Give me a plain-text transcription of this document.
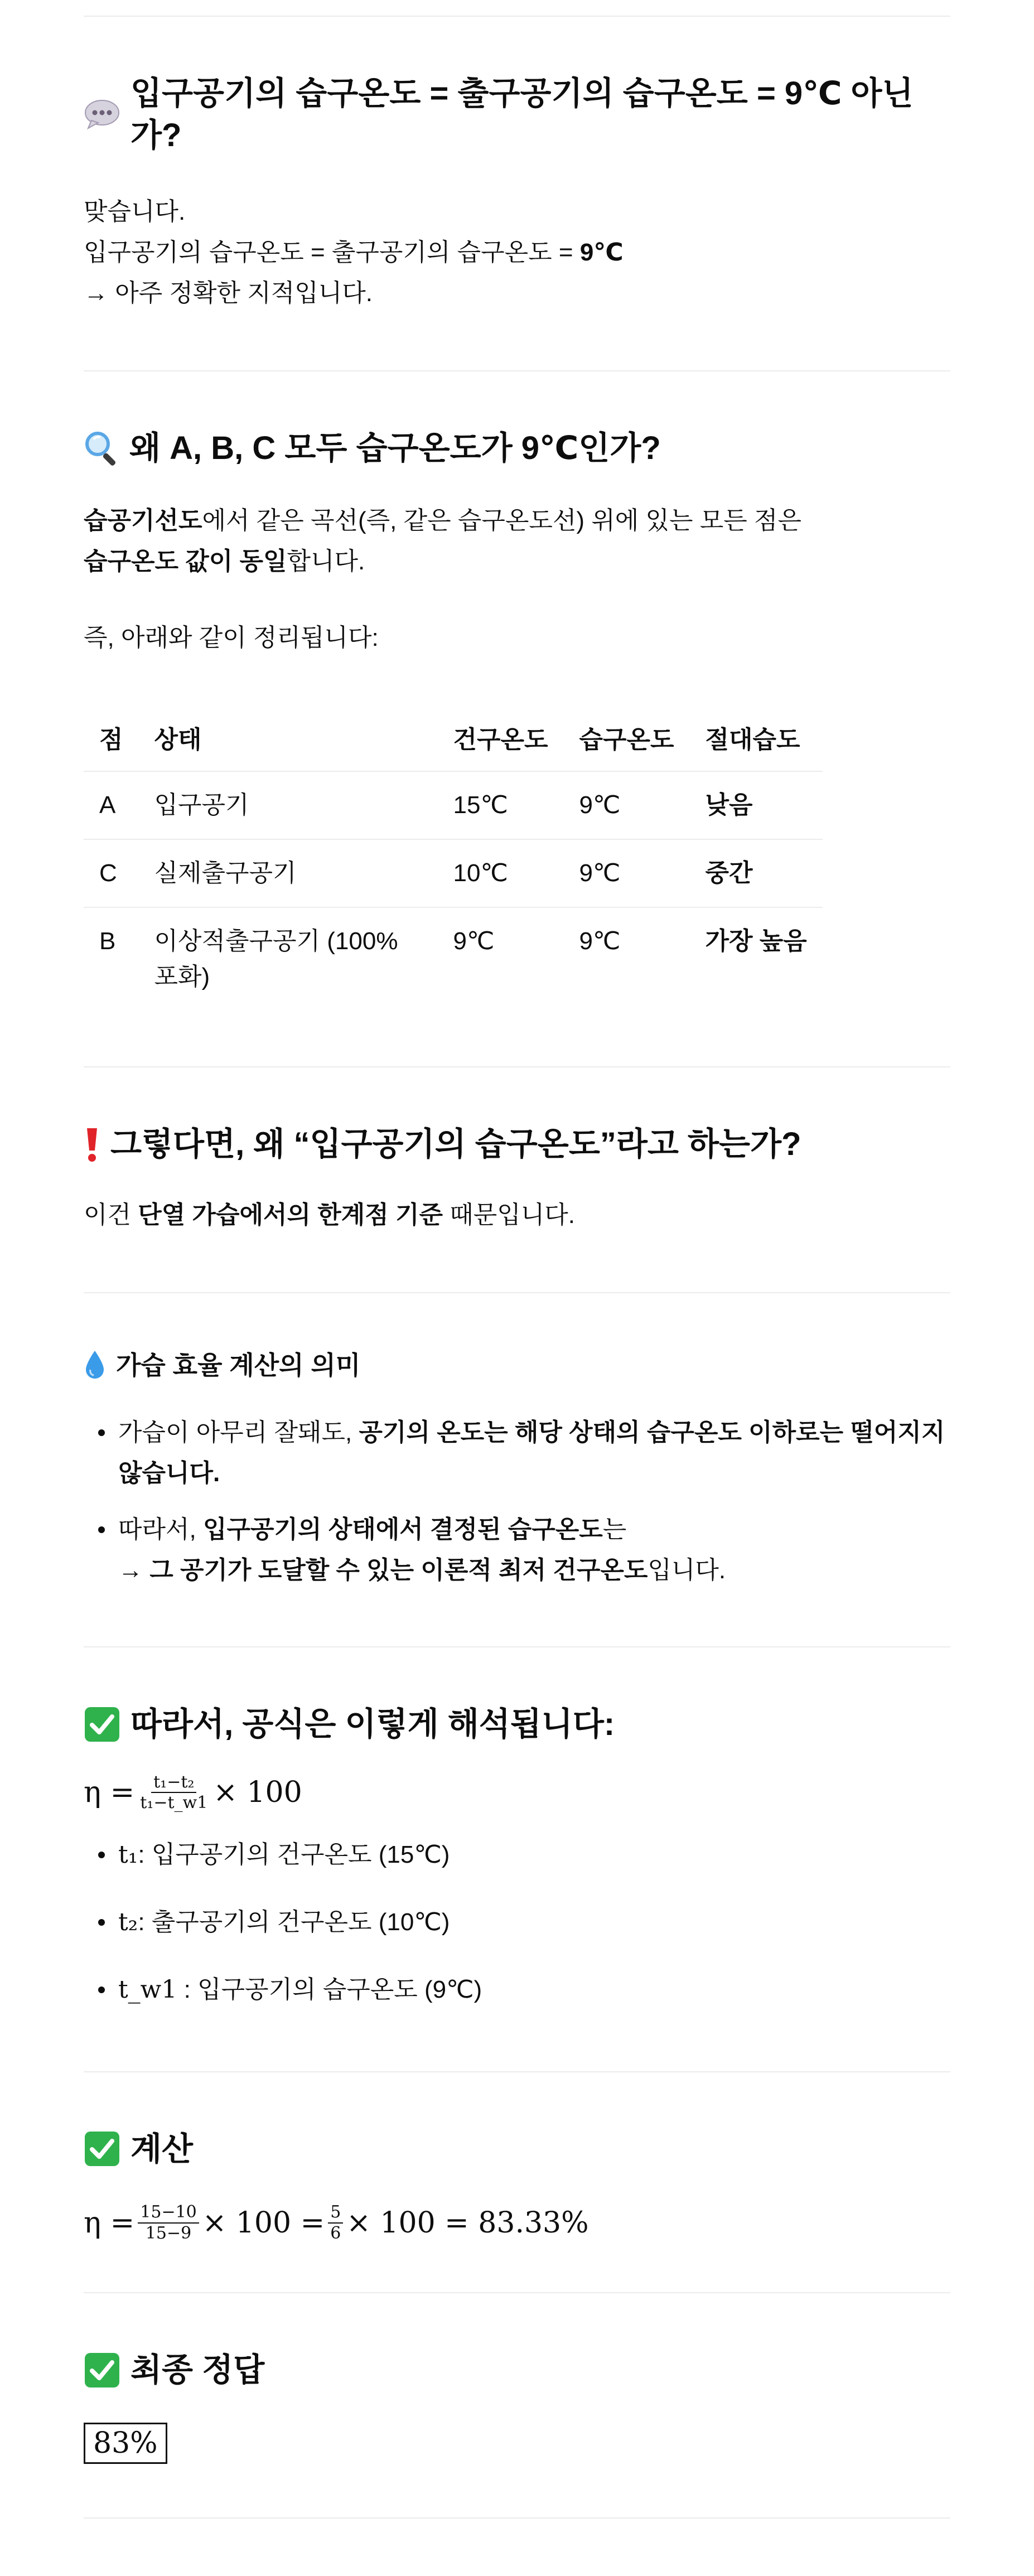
입구공기의 습구온도 = 출구공기의 습구온도 = 9℃ 아닌가?

맞습니다.

입구공기의 습구온도 = 출구공기의 습구온도 = 9℃

→ 아주 정확한 지적입니다.

왜 A, B, C 모두 습구온도가 9℃인가?

습공기선도에서 같은 곡선(즉, 같은 습구온도선) 위에 있는 모든 점은
습구온도 값이 동일합니다.

즉, 아래와 같이 정리됩니다:

점	상태	건구온도	습구온도	절대습도
A	입구공기	15℃	9℃	낮음
C	실제출구공기	10℃	9℃	중간
B	이상적출구공기 (100% 포화)	9℃	9℃	가장 높음
그렇다면, 왜 “입구공기의 습구온도”라고 하는가?

이건 단열 가습에서의 한계점 기준 때문입니다.

가습 효율 계산의 의미
가습이 아무리 잘돼도, 공기의 온도는 해당 상태의 습구온도 이하로는 떨어지지 않습니다.
따라서, 입구공기의 상태에서 결정된 습구온도는
→ 그 공기가 도달할 수 있는 이론적 최저 건구온도입니다.
따라서, 공식은 이렇게 해석됩니다:
$\eta = \frac{\text{t₁−t₂}}{\text{t₁−t\_w1}} \times 100$
t₁: 입구공기의 건구온도 (15℃)
t₂: 출구공기의 건구온도 (10℃)
t_w1 : 입구공기의 습구온도 (9℃)
계산
$\eta = \frac{15-10}{15-9} \times 100 = \frac{5}{6} \times 100 = 83.33\%$
최종 정답
83%
